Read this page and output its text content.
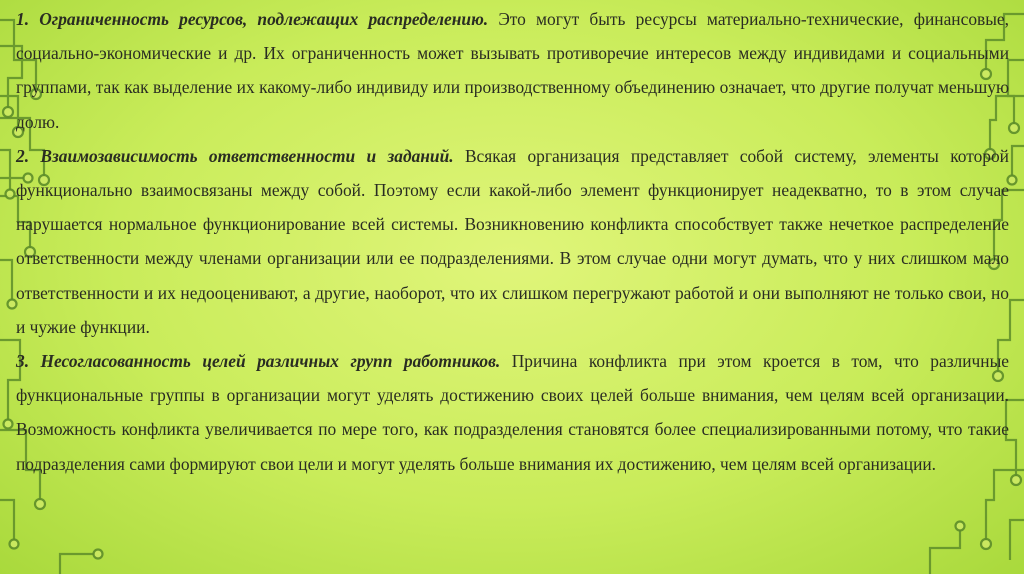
1. Ограниченность ресурсов, подлежащих распределению. Это могут быть ресурсы материально-технические, финансовые, социально-экономические и др. Их ограниченность может вызывать противоречие интересов между индивидами и социальными группами, так как выделение их какому-либо индивиду или производственному объединению означает, что другие получат меньшую долю.

2. Взаимозависимость ответственности и заданий. Всякая организация представляет собой систему, элементы которой функционально взаимосвязаны между собой. Поэтому если какой-либо элемент функционирует неадекватно, то в этом случае нарушается нормальное функционирование всей системы. Возникновению конфликта способствует также нечеткое распределение ответственности между членами организации или ее подразделениями. В этом случае одни могут думать, что у них слишком мало ответственности и их недооценивают, а другие, наоборот, что их слишком перегружают работой и они выполняют не только свои, но и чужие функции.

3. Несогласованность целей различных групп работников. Причина конфликта при этом кроется в том, что различные функциональные группы в организации могут уделять достижению своих целей больше внимания, чем целям всей организации. Возможность конфликта увеличивается по мере того, как подразделения становятся более специализированными потому, что такие подразделения сами формируют свои цели и могут уделять больше внимания их достижению, чем целям всей организации.
